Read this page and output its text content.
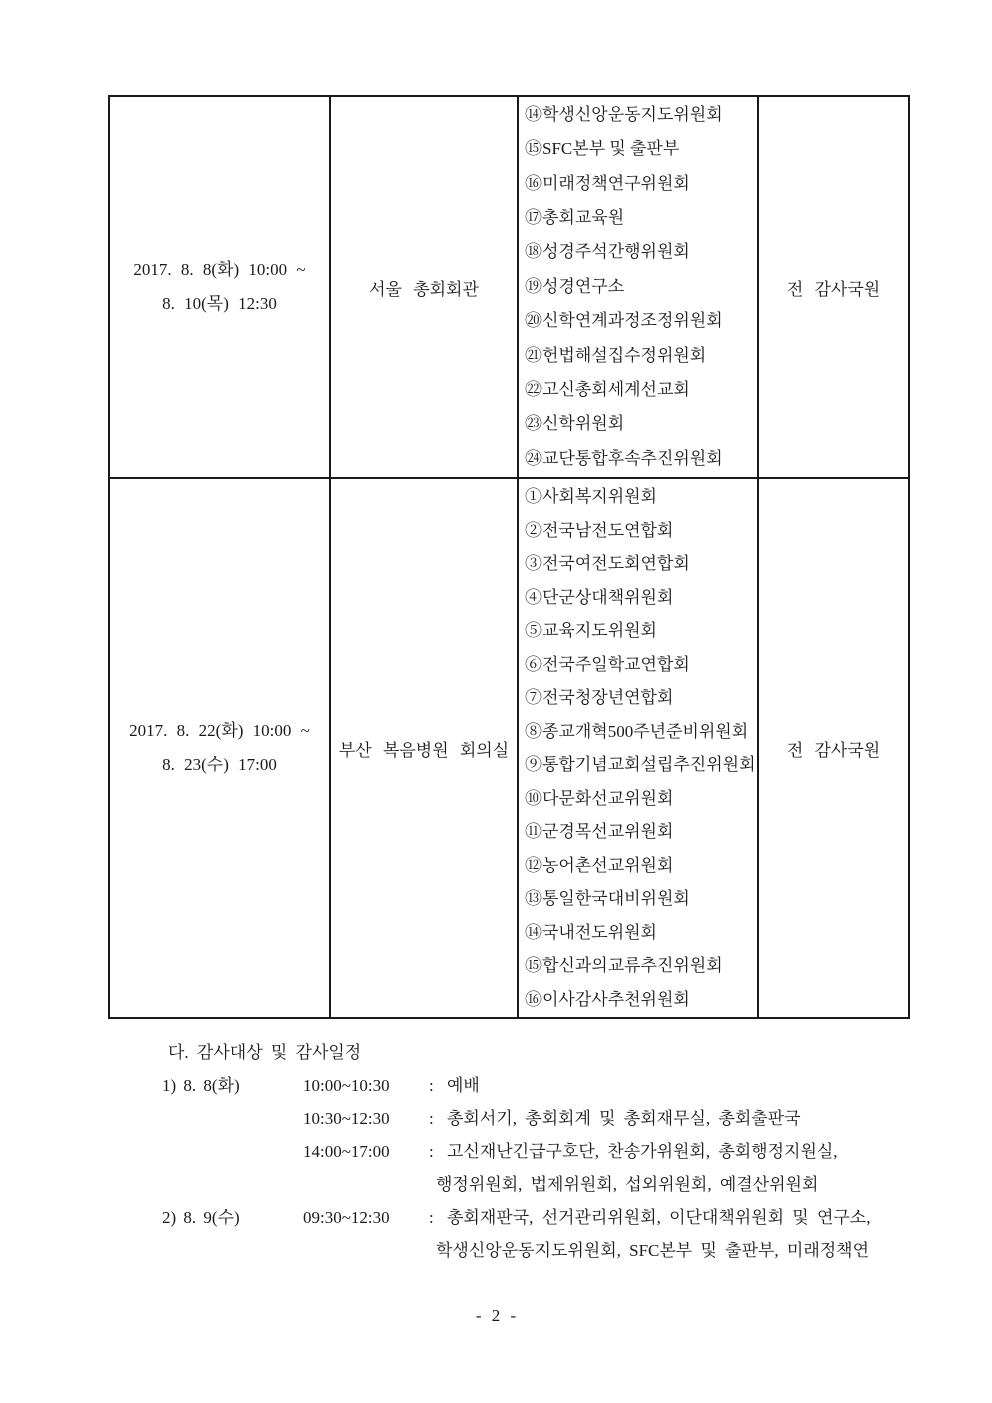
2017. 8. 8(화) 10:00 ~
8. 10(목) 12:30
서울 총회회관
⑭학생신앙운동지도위원회
⑮SFC본부 및 출판부
⑯미래정책연구위원회
⑰총회교육원
⑱성경주석간행위원회
⑲성경연구소
⑳신학연계과정조정위원회
㉑헌법해설집수정위원회
㉒고신총회세계선교회
㉓신학위원회
㉔교단통합후속추진위원회
전 감사국원
2017. 8. 22(화) 10:00 ~
8. 23(수) 17:00
부산 복음병원 회의실
①사회복지위원회
②전국남전도연합회
③전국여전도회연합회
④단군상대책위원회
⑤교육지도위원회
⑥전국주일학교연합회
⑦전국청장년연합회
⑧종교개혁500주년준비위원회
⑨통합기념교회설립추진위원회
⑩다문화선교위원회
⑪군경목선교위원회
⑫농어촌선교위원회
⑬통일한국대비위원회
⑭국내전도위원회
⑮합신과의교류추진위원회
⑯이사감사추천위원회
전 감사국원

다. 감사대상 및 감사일정

1) 8. 8(화)	10:00~10:30 : 예배
10:30~12:30 : 총회서기, 총회회계 및 총회재무실, 총회출판국
14:00~17:00 : 고신재난긴급구호단, 찬송가위원회, 총회행정지원실,
행정위원회, 법제위원회, 섭외위원회, 예결산위원회
2) 8. 9(수)	09:30~12:30 : 총회재판국, 선거관리위원회, 이단대책위원회 및 연구소,
학생신앙운동지도위원회, SFC본부 및 출판부, 미래정책연
- 2 -
